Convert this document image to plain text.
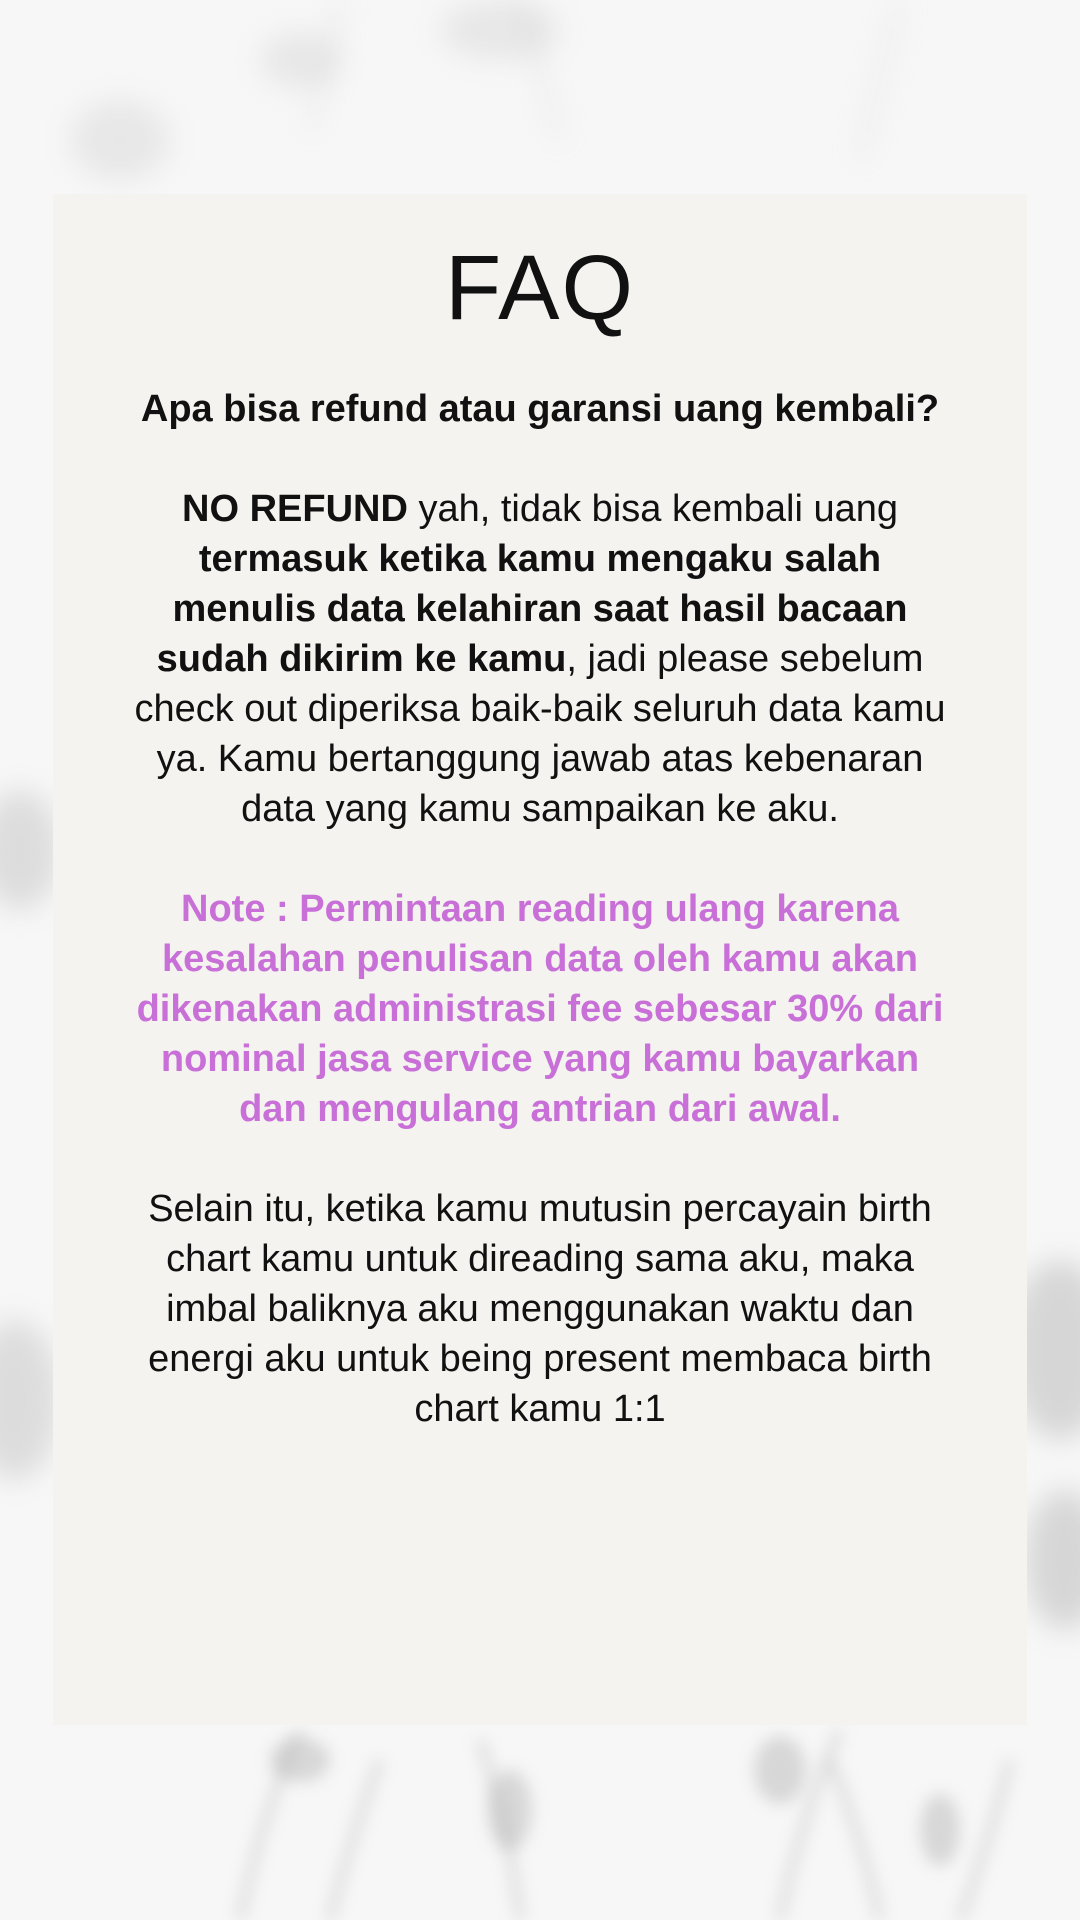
FAQ

Apa bisa refund atau garansi uang kembali?

NO REFUND yah, tidak bisa kembali uang termasuk ketika kamu mengaku salah menulis data kelahiran saat hasil bacaan sudah dikirim ke kamu, jadi please sebelum check out diperiksa baik-baik seluruh data kamu ya. Kamu bertanggung jawab atas kebenaran data yang kamu sampaikan ke aku.

Note : Permintaan reading ulang karena kesalahan penulisan data oleh kamu akan dikenakan administrasi fee sebesar 30% dari nominal jasa service yang kamu bayarkan dan mengulang antrian dari awal.

Selain itu, ketika kamu mutusin percayain birth chart kamu untuk direading sama aku, maka imbal baliknya aku menggunakan waktu dan energi aku untuk being present membaca birth chart kamu 1:1
